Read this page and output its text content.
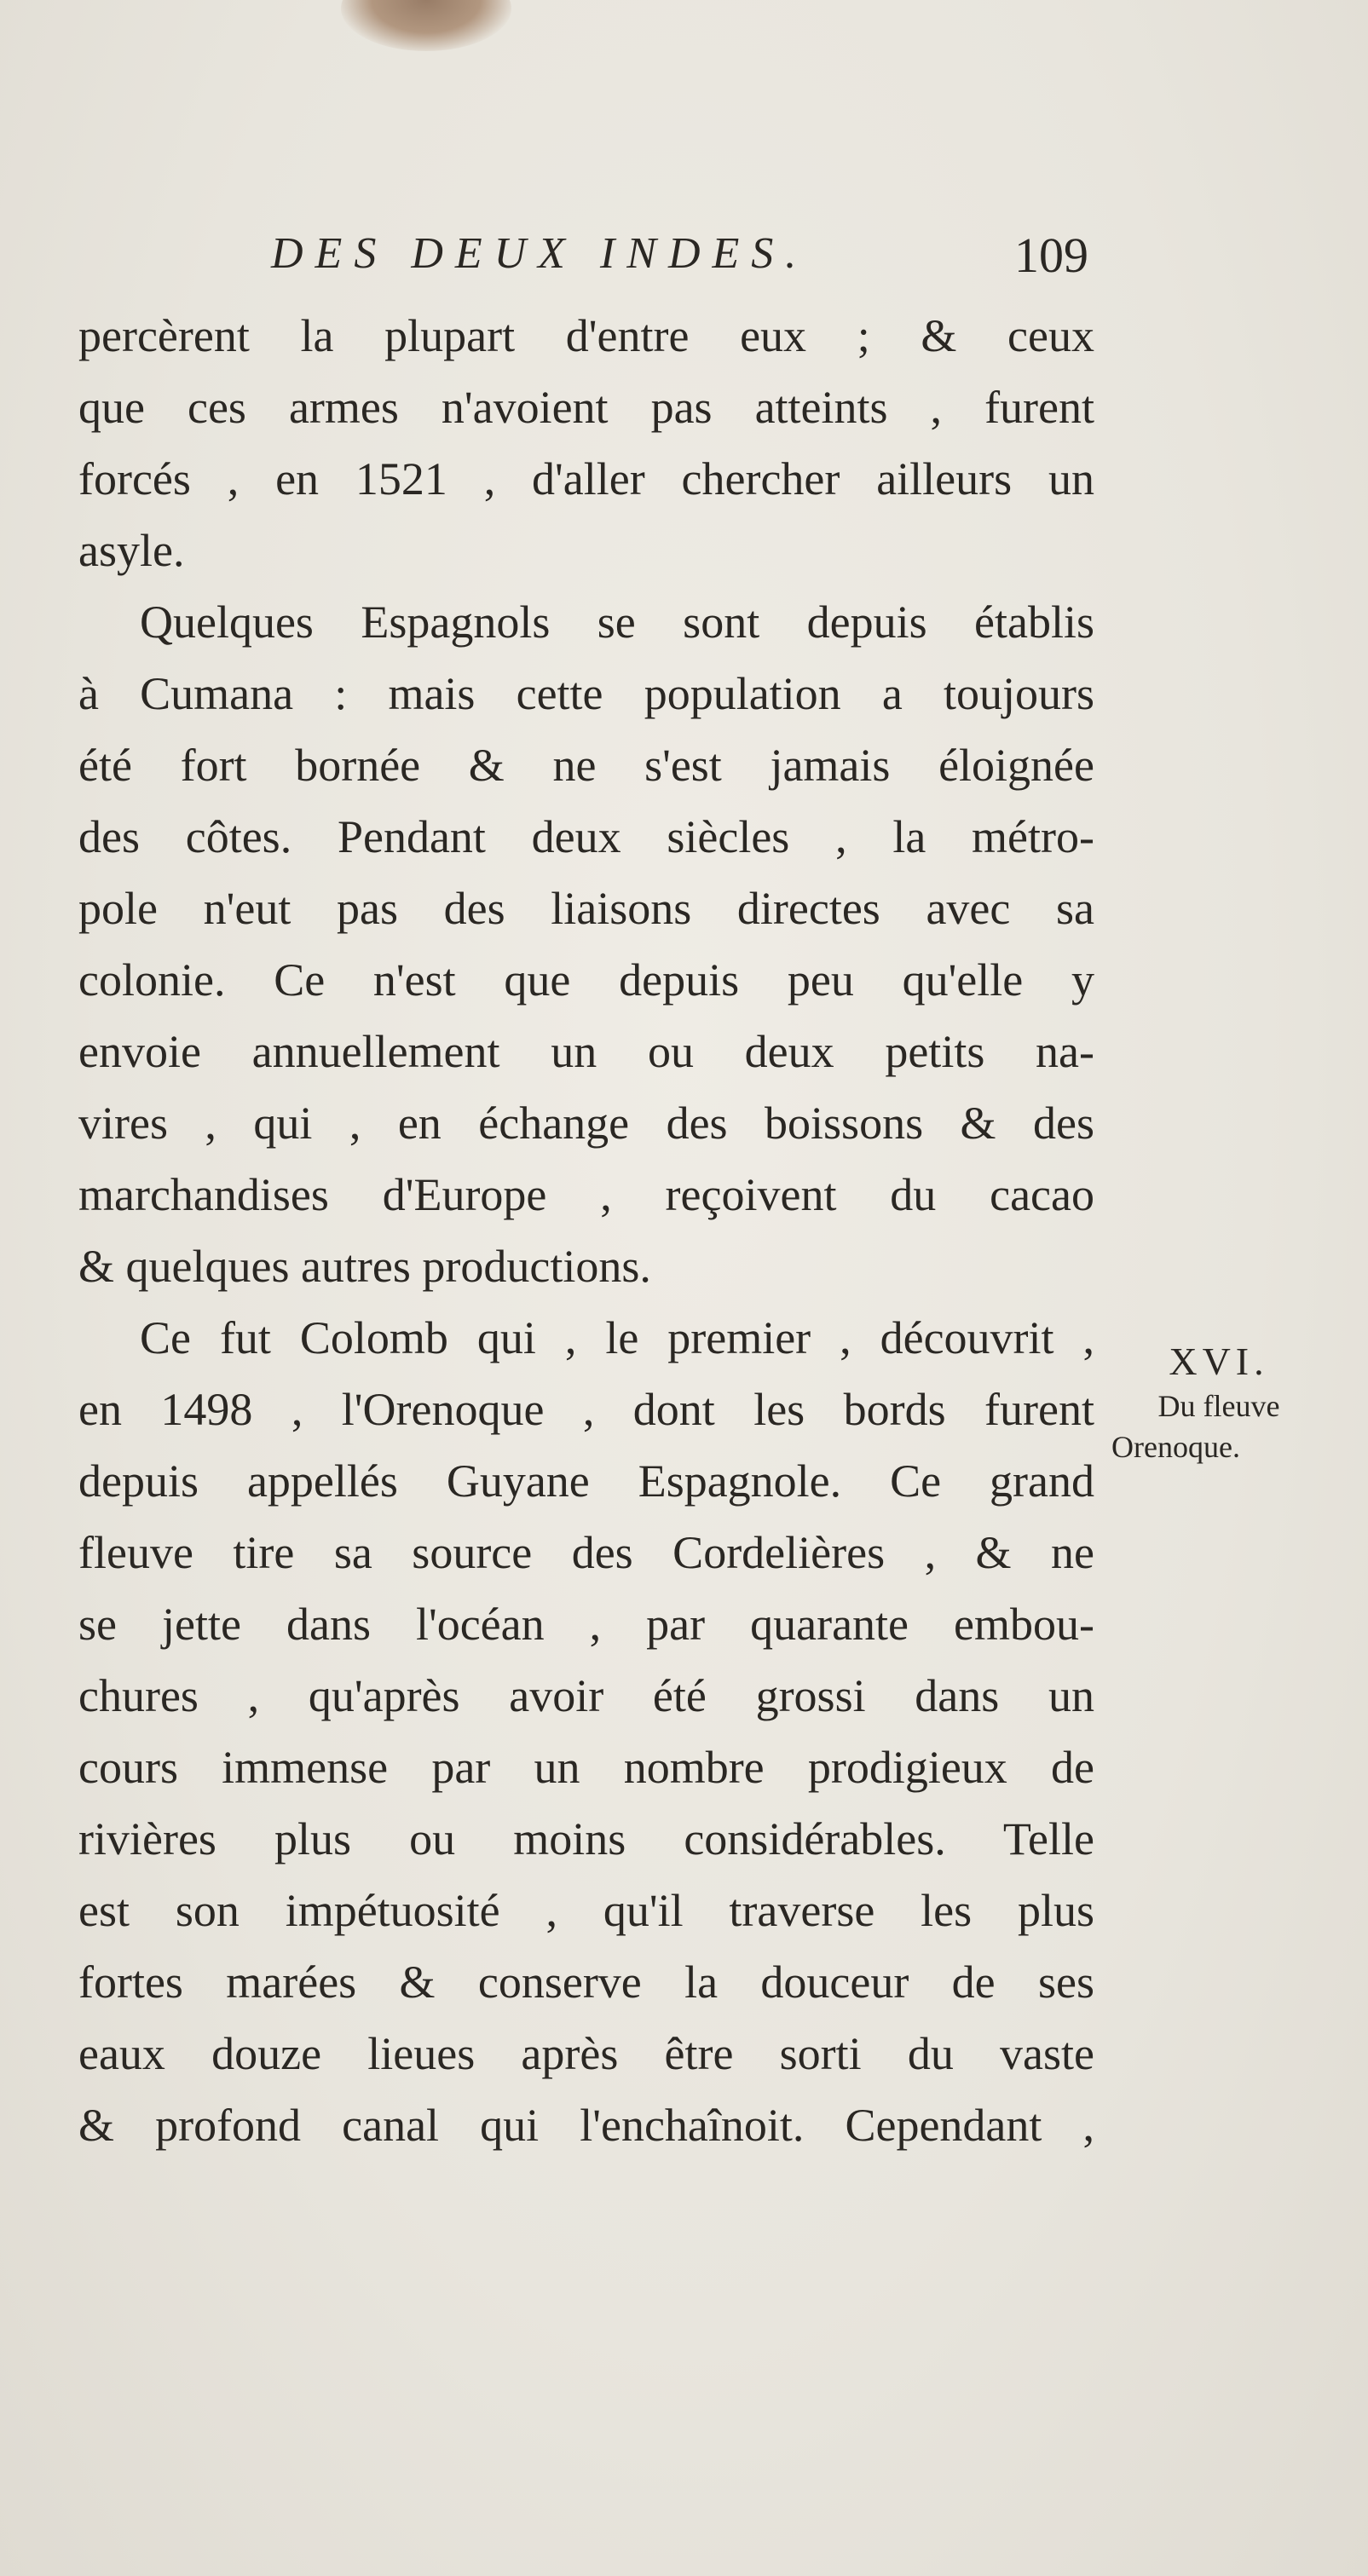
DES DEUX INDES.	109
percèrent la plupart d'entre eux ; & ceux
que ces armes n'avoient pas atteints , furent
forcés , en 1521 , d'aller chercher ailleurs un
asyle.
Quelques Espagnols se sont depuis établis
à Cumana : mais cette population a toujours
été fort bornée & ne s'est jamais éloignée
des côtes. Pendant deux siècles , la métro-
pole n'eut pas des liaisons directes avec sa
colonie. Ce n'est que depuis peu qu'elle y
envoie annuellement un ou deux petits na-
vires , qui , en échange des boissons & des
marchandises d'Europe , reçoivent du cacao
& quelques autres productions.
Ce fut Colomb qui , le premier , découvrit ,
en 1498 , l'Orenoque , dont les bords furent
depuis appellés Guyane Espagnole. Ce grand
fleuve tire sa source des Cordelières , & ne
se jette dans l'océan , par quarante embou-
chures , qu'après avoir été grossi dans un
cours immense par un nombre prodigieux de
rivières plus ou moins considérables. Telle
est son impétuosité , qu'il traverse les plus
fortes marées & conserve la douceur de ses
eaux douze lieues après être sorti du vaste
& profond canal qui l'enchaînoit. Cependant ,
XVI.
Du fleuve
Orenoque.
